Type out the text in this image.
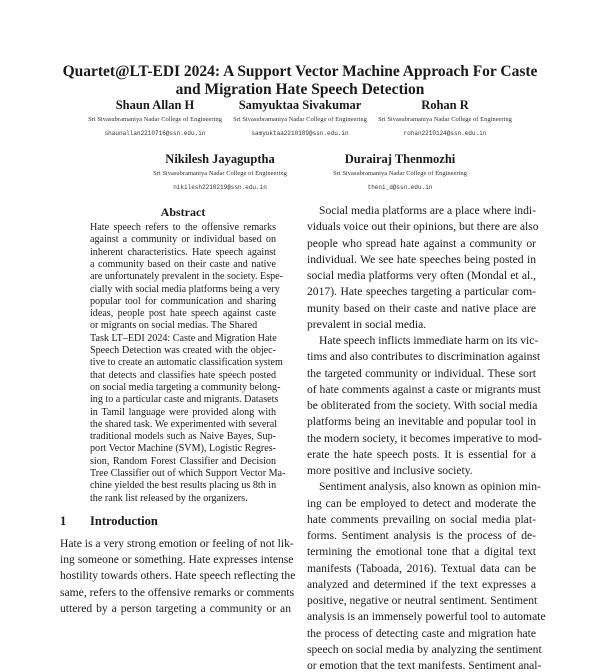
Quartet@LT-EDI 2024: A Support Vector Machine Approach For Caste
and Migration Hate Speech Detection
Shaun Allan H
Sri Sivasubramaniya Nadar College of Engineering
shaunallan2210716@ssn.edu.in
Samyuktaa Sivakumar
Sri Sivasubramaniya Nadar College of Engineering
samyuktaa2210189@ssn.edu.in
Rohan R
Sri Sivasubramaniya Nadar College of Engineering
rohan2210124@ssn.edu.in
Nikilesh Jayaguptha
Sri Sivasubramaniya Nadar College of Engineering
nikilesh2210219@ssn.edu.in
Durairaj Thenmozhi
Sri Sivasubramaniya Nadar College of Engineering
theni_d@ssn.edu.in
Abstract
Hate speech refers to the offensive remarks
against a community or individual based on
inherent characteristics. Hate speech against
a community based on their caste and native
are unfortunately prevalent in the society. Espe-
cially with social media platforms being a very
popular tool for communication and sharing
ideas, people post hate speech against caste
or migrants on social medias. The Shared
Task LT–EDI 2024: Caste and Migration Hate
Speech Detection was created with the objec-
tive to create an automatic classification system
that detects and classifies hate speech posted
on social media targeting a community belong-
ing to a particular caste and migrants. Datasets
in Tamil language were provided along with
the shared task. We experimented with several
traditional models such as Naive Bayes, Sup-
port Vector Machine (SVM), Logistic Regres-
sion, Random Forest Classifier and Decision
Tree Classifier out of which Support Vector Ma-
chine yielded the best results placing us 8th in
the rank list released by the organizers.
1 Introduction
Hate is a very strong emotion or feeling of not lik-
ing someone or something. Hate expresses intense
hostility towards others. Hate speech reflecting the
same, refers to the offensive remarks or comments
uttered by a person targeting a community or an
Social media platforms are a place where indi-
viduals voice out their opinions, but there are also
people who spread hate against a community or
individual. We see hate speeches being posted in
social media platforms very often (Mondal et al.,
2017). Hate speeches targeting a particular com-
munity based on their caste and native place are
prevalent in social media.
Hate speech inflicts immediate harm on its vic-
tims and also contributes to discrimination against
the targeted community or individual. These sort
of hate comments against a caste or migrants must
be obliterated from the society. With social media
platforms being an inevitable and popular tool in
the modern society, it becomes imperative to mod-
erate the hate speech posts. It is essential for a
more positive and inclusive society.
Sentiment analysis, also known as opinion min-
ing can be employed to detect and moderate the
hate comments prevailing on social media plat-
forms. Sentiment analysis is the process of de-
termining the emotional tone that a digital text
manifests (Taboada, 2016). Textual data can be
analyzed and determined if the text expresses a
positive, negative or neutral sentiment. Sentiment
analysis is an immensely powerful tool to automate
the process of detecting caste and migration hate
speech on social media by analyzing the sentiment
or emotion that the text manifests. Sentiment anal-
